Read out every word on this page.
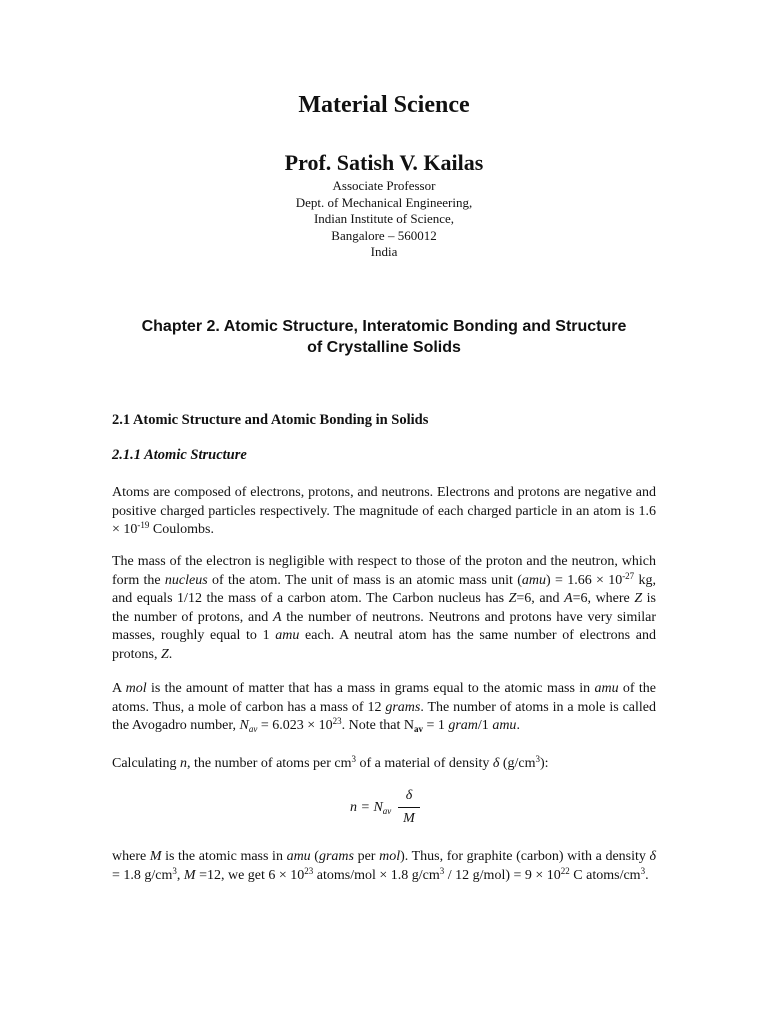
Material Science
Prof. Satish V. Kailas
Associate Professor
Dept. of Mechanical Engineering,
Indian Institute of Science,
Bangalore – 560012
India
Chapter 2. Atomic Structure, Interatomic Bonding and Structure
of Crystalline Solids
2.1 Atomic Structure and Atomic Bonding in Solids
2.1.1 Atomic Structure
Atoms are composed of electrons, protons, and neutrons. Electrons and protons are negative and positive charged particles respectively. The magnitude of each charged particle in an atom is $1.6 \times 10^{-19}$ Coulombs.
The mass of the electron is negligible with respect to those of the proton and the neutron, which form the nucleus of the atom. The unit of mass is an atomic mass unit $(amu) = 1.66 \times 10^{-27}$ kg, and equals 1/12 the mass of a carbon atom. The Carbon nucleus has Z=6, and A=6, where Z is the number of protons, and A the number of neutrons. Neutrons and protons have very similar masses, roughly equal to 1 amu each. A neutral atom has the same number of electrons and protons, Z.
A mol is the amount of matter that has a mass in grams equal to the atomic mass in amu of the atoms. Thus, a mole of carbon has a mass of 12 grams. The number of atoms in a mole is called the Avogadro number, $N_{av} = 6.023 \times 10^{23}$. Note that $N_{av} = 1$ gram/1 amu.
Calculating n, the number of atoms per $cm^3$ of a material of density δ $(g/cm^3)$:
$n = N_{av}$
δ
M
where M is the atomic mass in amu (grams per mol). Thus, for graphite (carbon) with a density δ = 1.8 $g/cm^3$, M =12, we get $6 \times 10^{23}$ atoms/mol × 1.8 $g/cm^3 / 12$ $g/mol) = 9 \times 10^{22}$ C atoms/$cm^3$.
